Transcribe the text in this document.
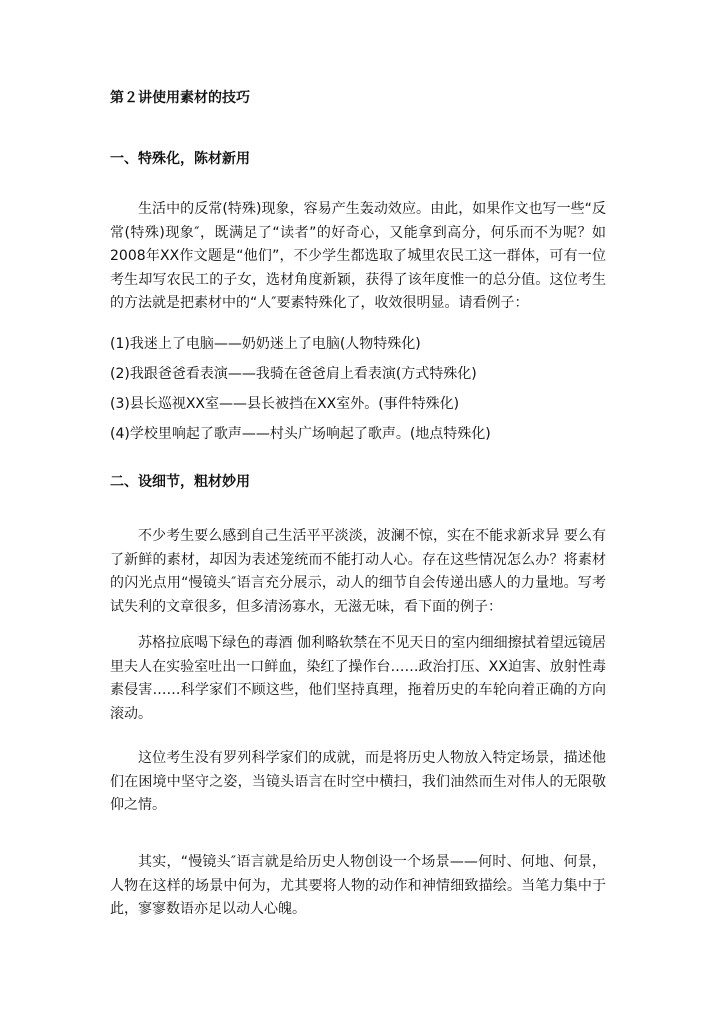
第２讲使用素材的技巧
一、特殊化，陈材新用

生活中的反常(特殊)现象，容易产生轰动效应。由此，如果作文也写一些“反常(特殊)现象″，既满足了“读者”的好奇心，又能拿到高分，何乐而不为呢？如2008年XX作文题是“他们”，不少学生都选取了城里农民工这一群体，可有一位考生却写农民工的子女，选材角度新颖，获得了该年度惟一的总分值。这位考生的方法就是把素材中的“人″要素特殊化了，收效很明显。请看例子：

(1)我迷上了电脑——奶奶迷上了电脑(人物特殊化)
(2)我跟爸爸看表演——我骑在爸爸肩上看表演(方式特殊化)
(3)县长巡视XX室——县长被挡在XX室外。(事件特殊化)
(4)学校里响起了歌声——村头广场响起了歌声。(地点特殊化)
二、设细节，粗材妙用

不少考生要么感到自己生活平平淡淡，波澜不惊，实在不能求新求异 要么有了新鲜的素材，却因为表述笼统而不能打动人心。存在这些情况怎么办？将素材的闪光点用“慢镜头″语言充分展示，动人的细节自会传递出感人的力量地。写考试失利的文章很多，但多清汤寡水，无滋无味，看下面的例子：

苏格拉底喝下绿色的毒酒 伽利略软禁在不见天日的室内细细擦拭着望远镜居里夫人在实验室吐出一口鲜血，染红了操作台……政治打压、XX迫害、放射性毒素侵害……科学家们不顾这些，他们坚持真理，拖着历史的车轮向着正确的方向滚动。

这位考生没有罗列科学家们的成就，而是将历史人物放入特定场景，描述他们在困境中坚守之姿，当镜头语言在时空中横扫，我们油然而生对伟人的无限敬仰之情。

其实，“慢镜头″语言就是给历史人物创设一个场景——何时、何地、何景，人物在这样的场景中何为，尤其要将人物的动作和神情细致描绘。当笔力集中于此，寥寥数语亦足以动人心魄。
